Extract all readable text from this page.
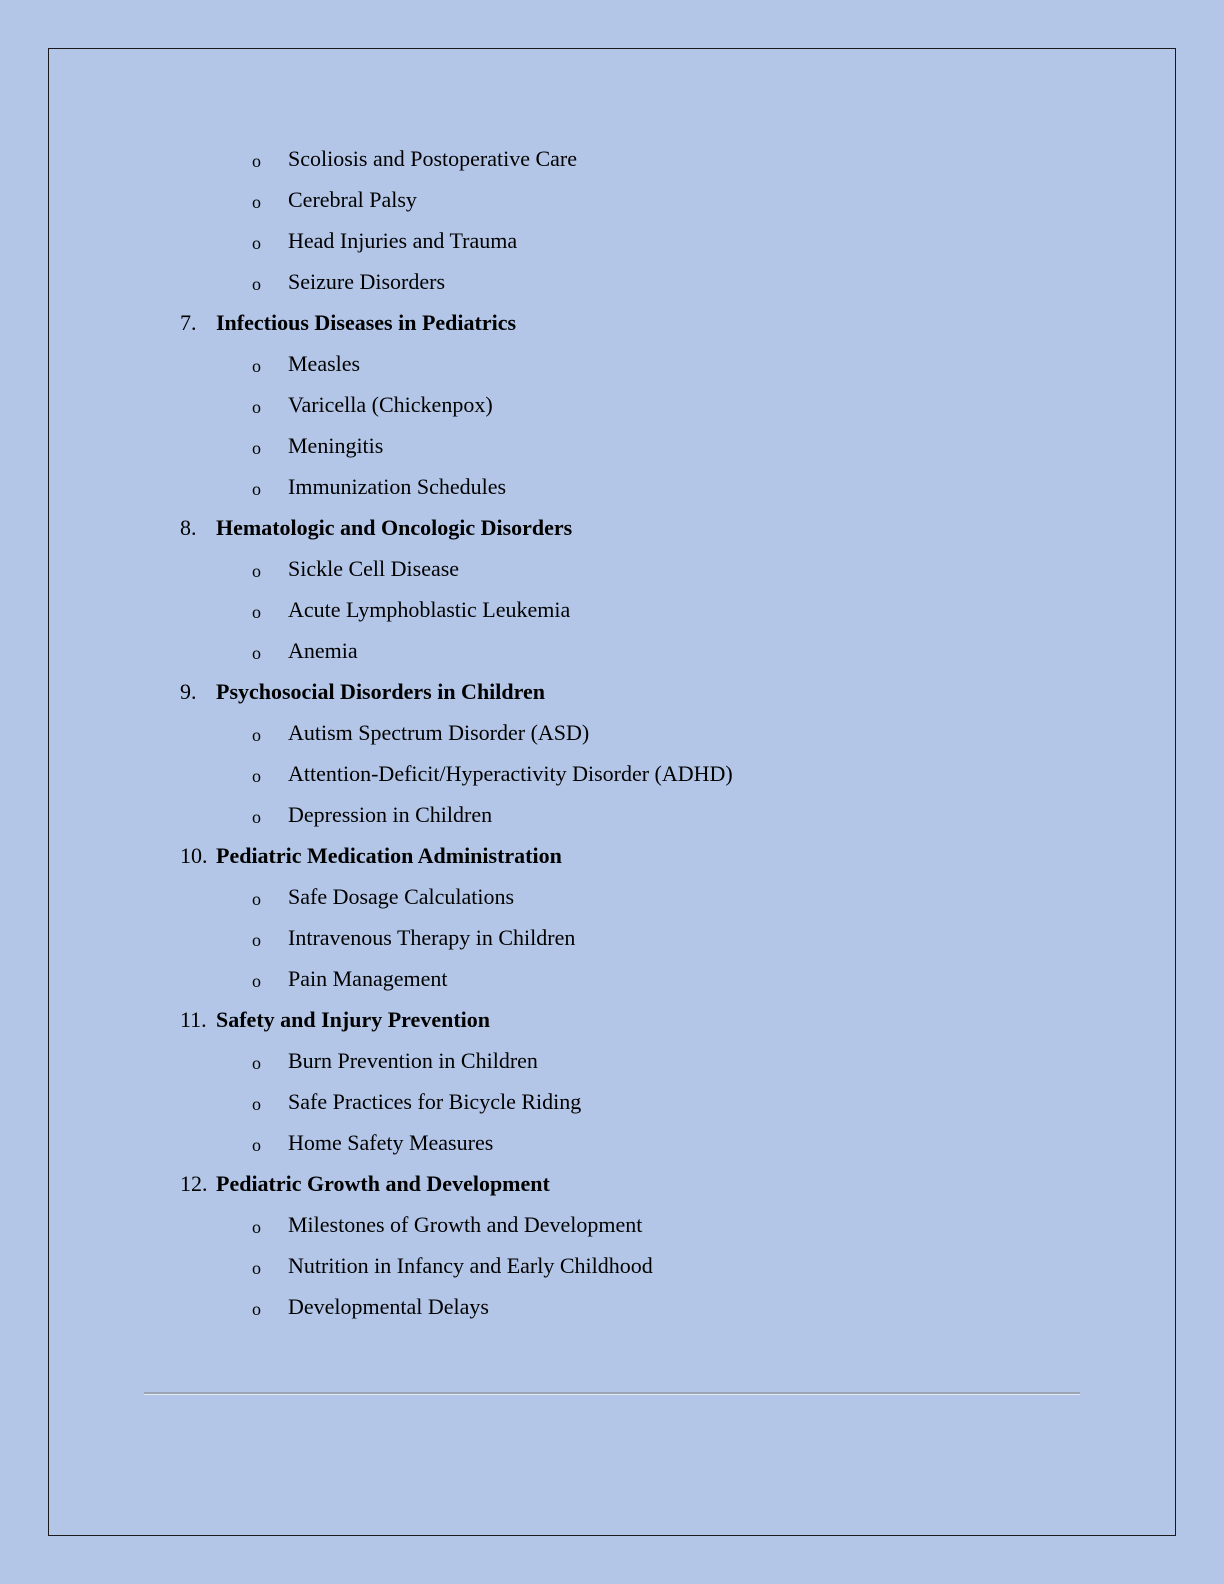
o Scoliosis and Postoperative Care
o Cerebral Palsy
o Head Injuries and Trauma
o Seizure Disorders
7. Infectious Diseases in Pediatrics
o Measles
o Varicella (Chickenpox)
o Meningitis
o Immunization Schedules
8. Hematologic and Oncologic Disorders
o Sickle Cell Disease
o Acute Lymphoblastic Leukemia
o Anemia
9. Psychosocial Disorders in Children
o Autism Spectrum Disorder (ASD)
o Attention-Deficit/Hyperactivity Disorder (ADHD)
o Depression in Children
10. Pediatric Medication Administration
o Safe Dosage Calculations
o Intravenous Therapy in Children
o Pain Management
11. Safety and Injury Prevention
o Burn Prevention in Children
o Safe Practices for Bicycle Riding
o Home Safety Measures
12. Pediatric Growth and Development
o Milestones of Growth and Development
o Nutrition in Infancy and Early Childhood
o Developmental Delays
